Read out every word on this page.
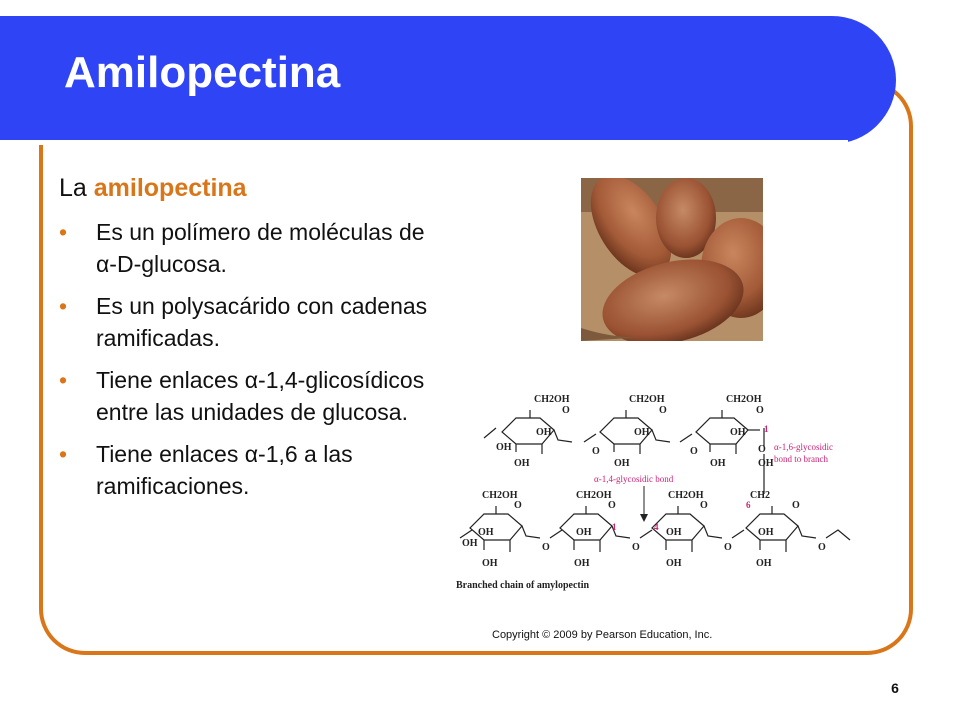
Amilopectina
La amilopectina
• Es un polímero de moléculas de α-D-glucosa.
• Es un polysacárido con cadenas ramificadas.
• Tiene enlaces α-1,4-glicosídicos entre las unidades de glucosa.
• Tiene enlaces α-1,6 a las ramificaciones.
CH2OH
O
OH
OH
OH
O
CH2OH
O
OH
OH
O
CH2OH
O
OH
OH	OH
O
1
α-1,6-glycosidic
bond to branch
α-1,4-glycosidic bond
CH2OH
O
OH
OH
OH
O
CH2OH
O
OH
OH
1
O
4
CH2OH
O
OH
OH
O
CH2
6	O
OH
OH
O
Branched chain of amylopectin
Copyright © 2009 by Pearson Education, Inc.
6
